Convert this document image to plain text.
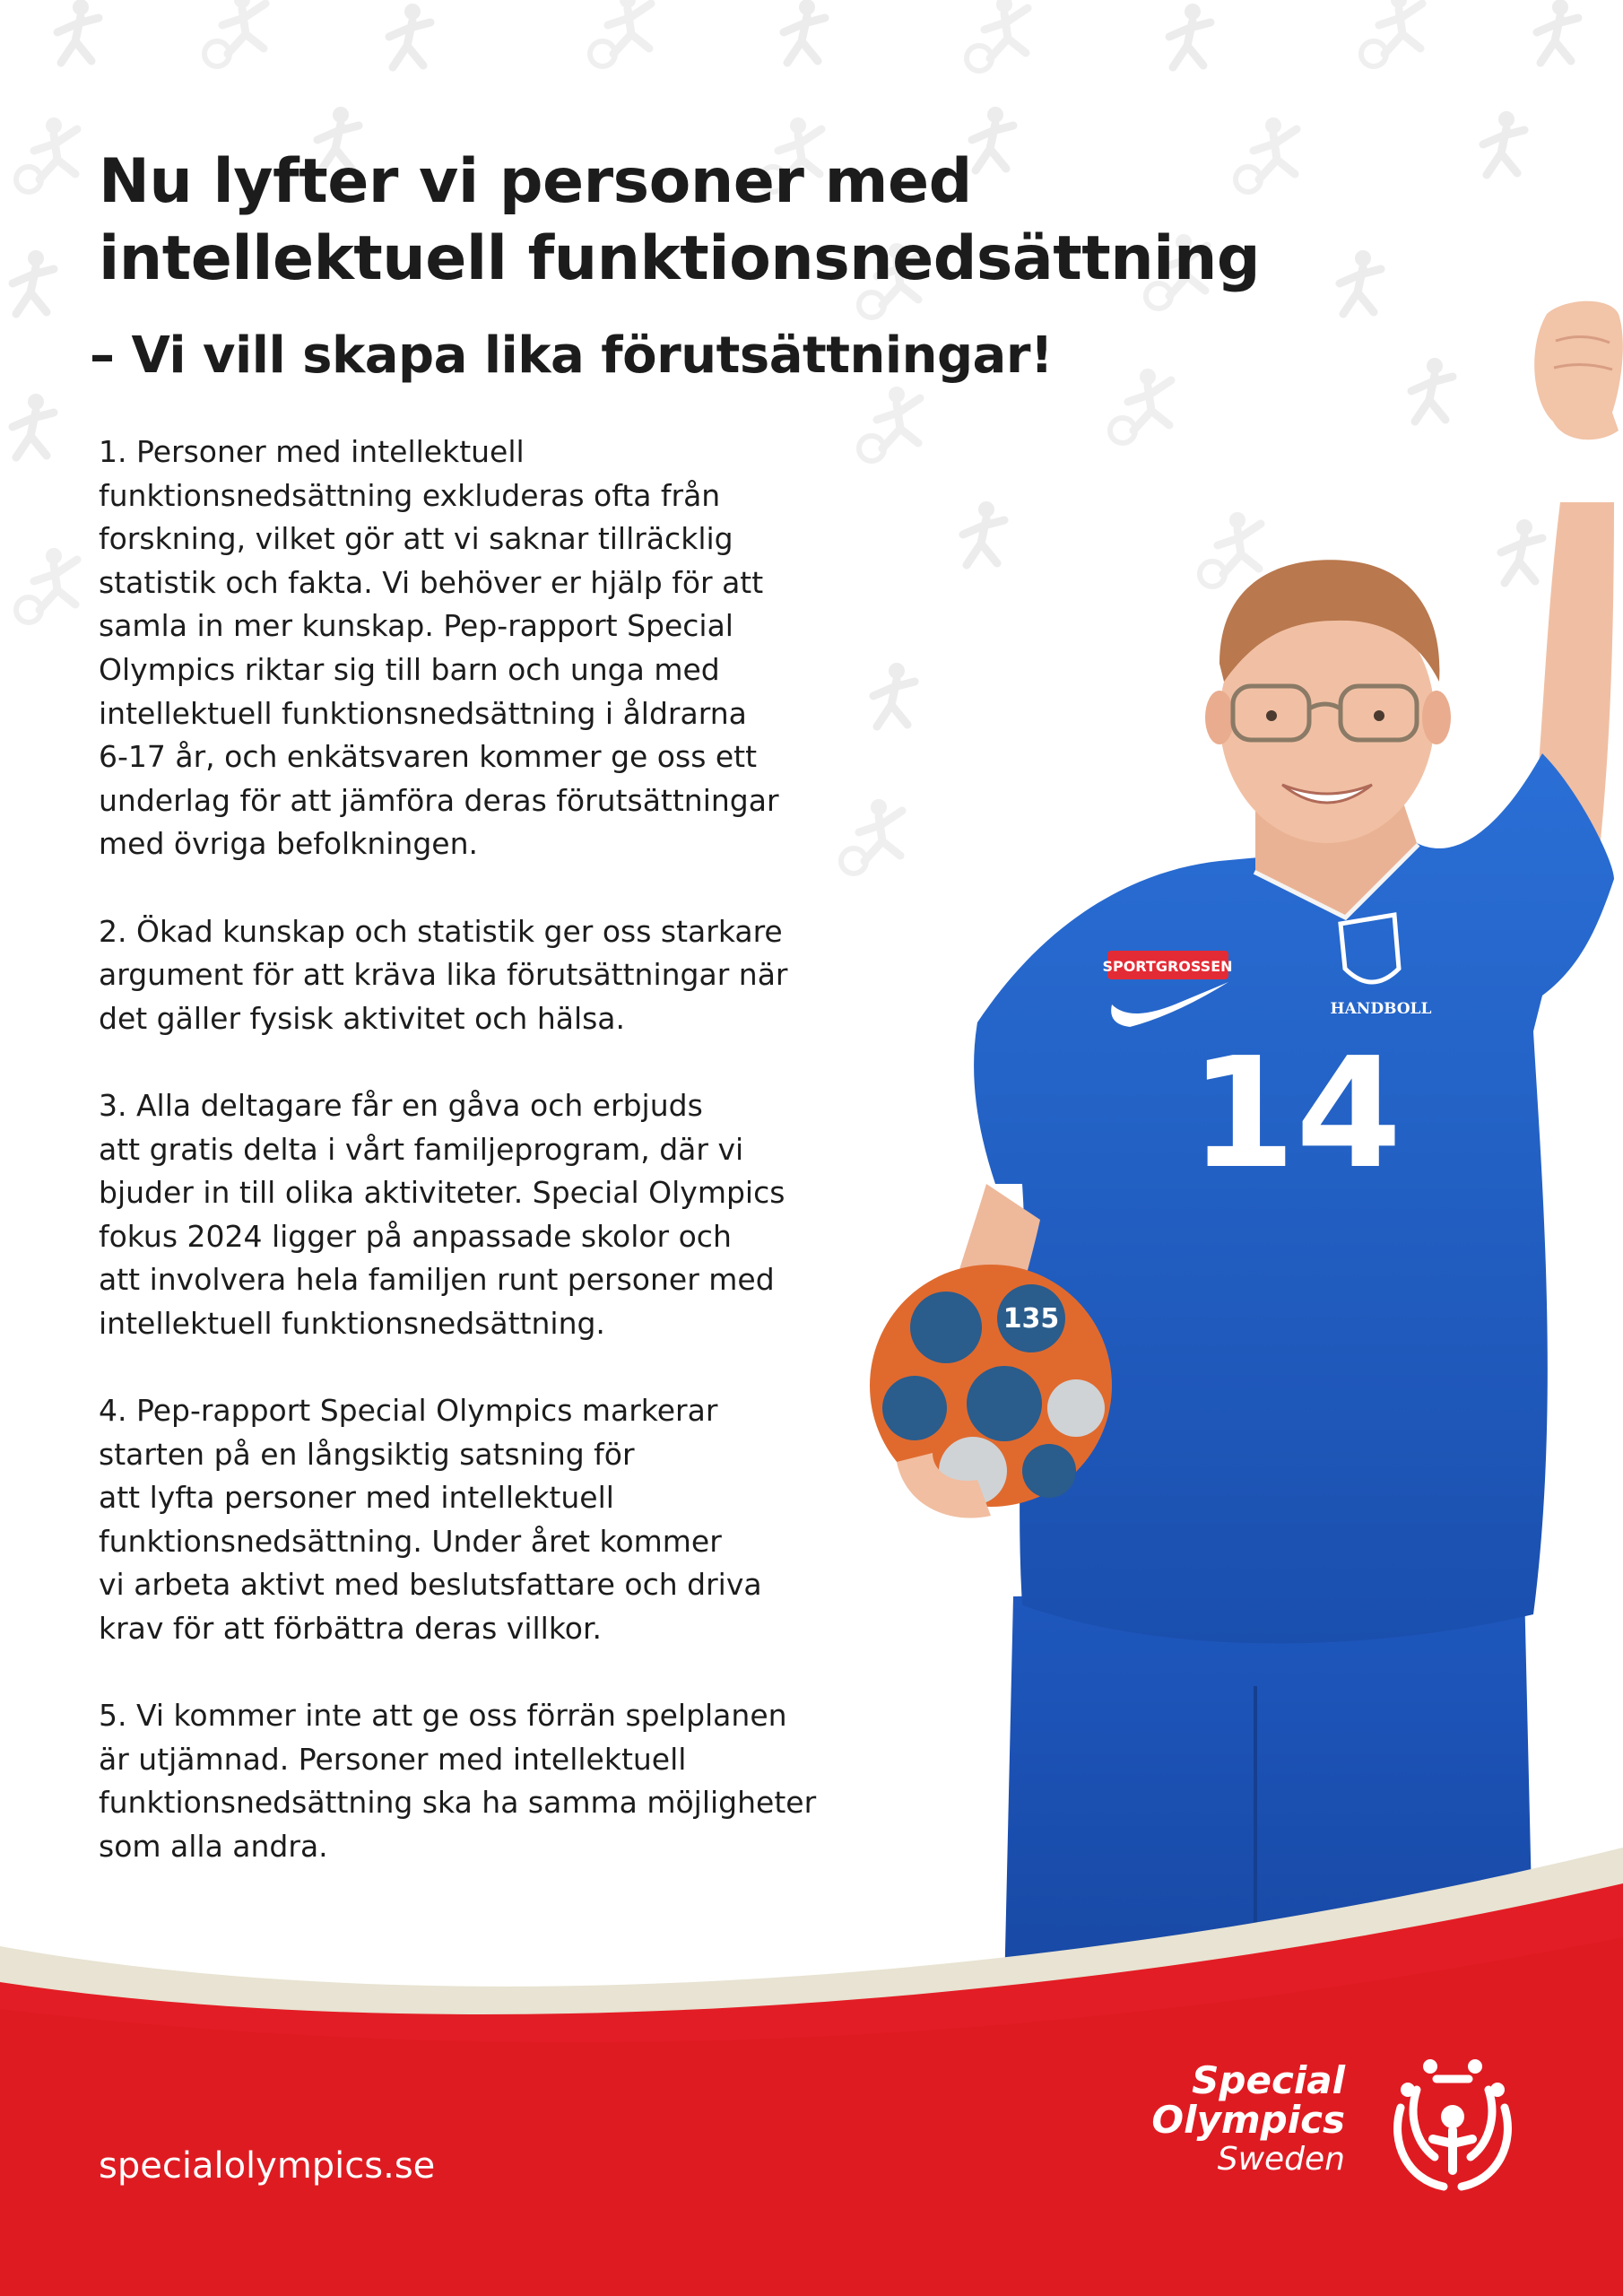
Nu lyfter vi personer med
intellektuell funktionsnedsättning
– Vi vill skapa lika förutsättningar!

1. Personer med intellektuell
funktionsnedsättning exkluderas ofta från
forskning, vilket gör att vi saknar tillräcklig
statistik och fakta. Vi behöver er hjälp för att
samla in mer kunskap. Pep-rapport Special
Olympics riktar sig till barn och unga med
intellektuell funktionsnedsättning i åldrarna
6-17 år, och enkätsvaren kommer ge oss ett
underlag för att jämföra deras förutsättningar
med övriga befolkningen.

2. Ökad kunskap och statistik ger oss starkare
argument för att kräva lika förutsättningar när
det gäller fysisk aktivitet och hälsa.

3. Alla deltagare får en gåva och erbjuds
att gratis delta i vårt familjeprogram, där vi
bjuder in till olika aktiviteter. Special Olympics
fokus 2024 ligger på anpassade skolor och
att involvera hela familjen runt personer med
intellektuell funktionsnedsättning.

4. Pep-rapport Special Olympics markerar
starten på en långsiktig satsning för
att lyfta personer med intellektuell
funktionsnedsättning. Under året kommer
vi arbeta aktivt med beslutsfattare och driva
krav för att förbättra deras villkor.

5. Vi kommer inte att ge oss förrän spelplanen
är utjämnad. Personer med intellektuell
funktionsnedsättning ska ha samma möjligheter
som alla andra.

SPORTGROSSEN
HANDBOLL
14
135
specialolympics.se
Special
Olympics
Sweden
